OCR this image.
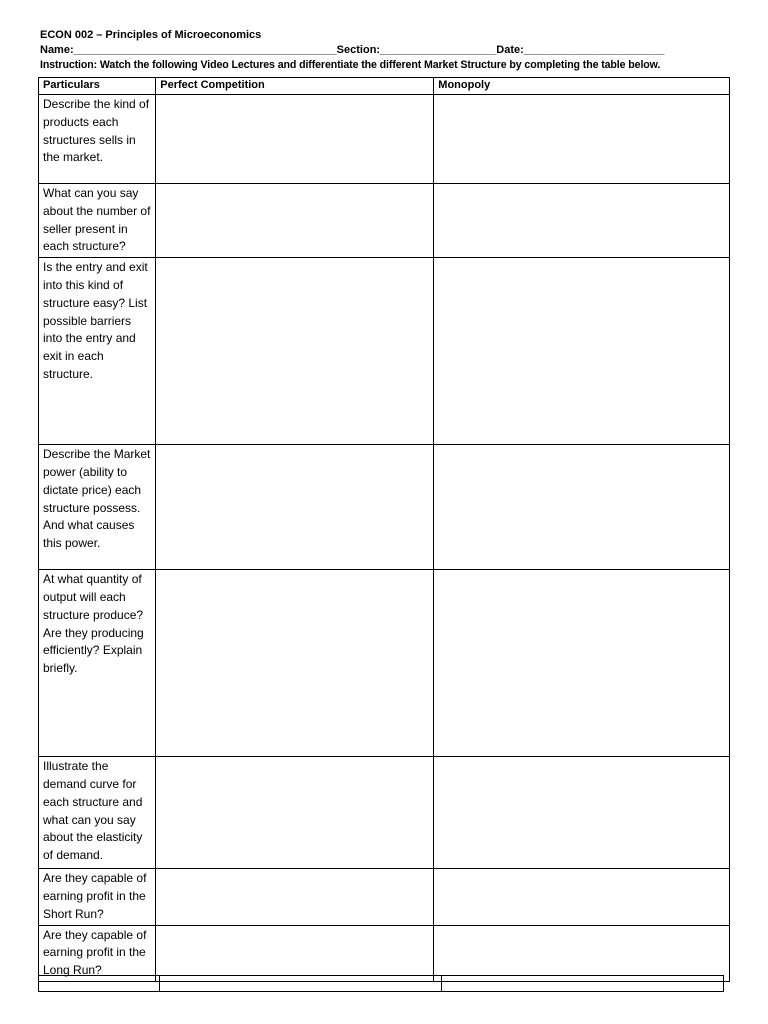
ECON 002 – Principles of Microeconomics
Name:___________________________________________Section:___________________Date:_______________________
Instruction: Watch the following Video Lectures and differentiate the different Market Structure by completing the table below.
Particulars	Perfect Competition	Monopoly
Describe the kind of products each structures sells in the market.		
What can you say about the number of seller present in each structure?		
Is the entry and exit into this kind of structure easy? List possible barriers into the entry and exit in each structure.		
Describe the Market power (ability to dictate price) each structure possess. And what causes this power.		
At what quantity of output will each structure produce? Are they producing efficiently? Explain briefly.		
Illustrate the demand curve for each structure and what can you say about the elasticity of demand.		
Are they capable of earning profit in the Short Run?		
Are they capable of earning profit in the Long Run?		
